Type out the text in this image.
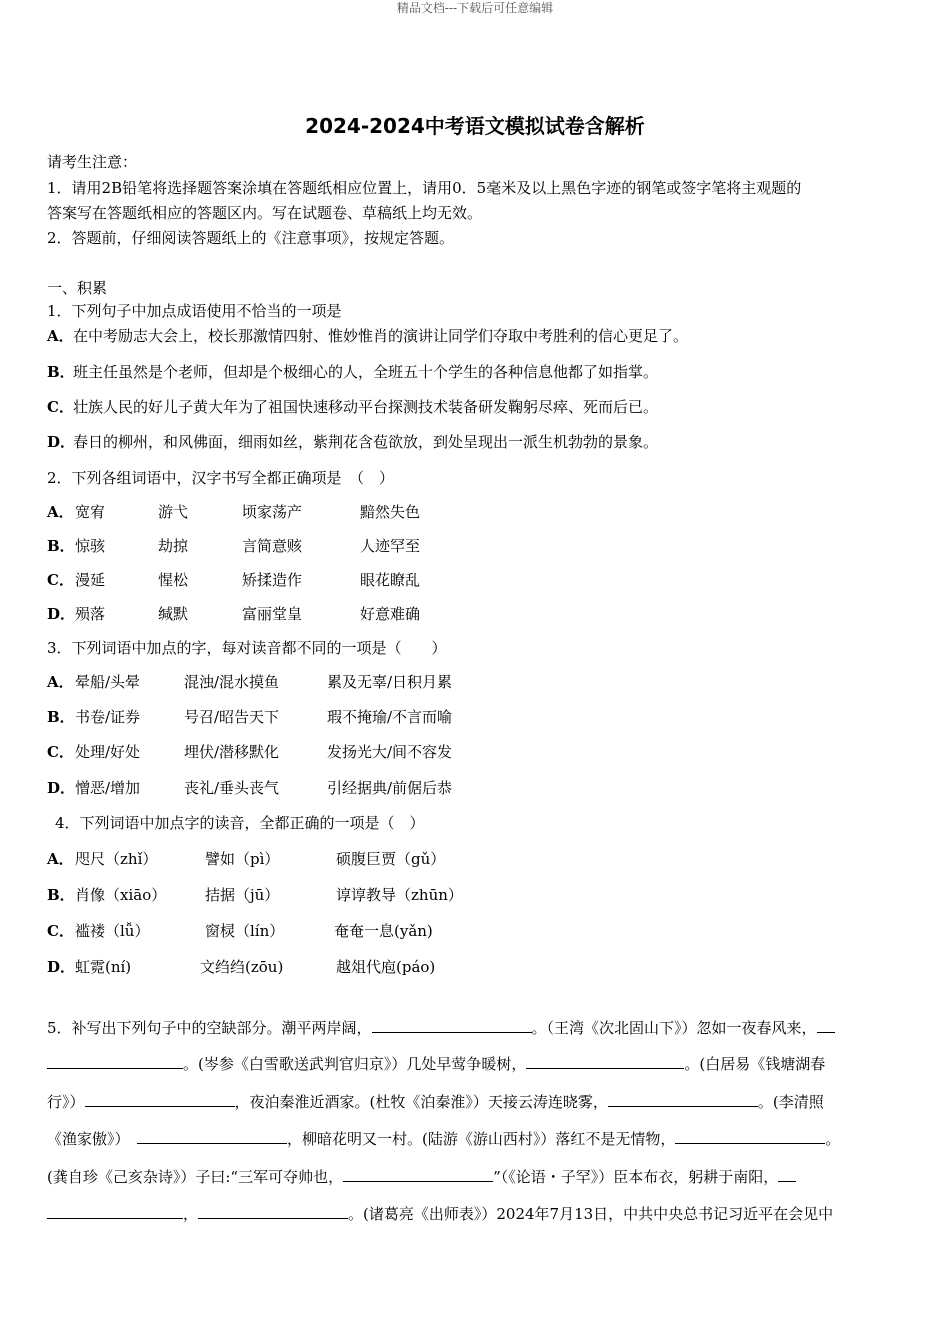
精品文档---下载后可任意编辑
2024-2024中考语文模拟试卷含解析
请考生注意：
1．请用2B铅笔将选择题答案涂填在答题纸相应位置上，请用0．5毫米及以上黑色字迹的钢笔或签字笔将主观题的
答案写在答题纸相应的答题区内。写在试题卷、草稿纸上均无效。
2．答题前，仔细阅读答题纸上的《注意事项》，按规定答题。
一、积累
1．下列句子中加点成语使用不恰当的一项是
A．在中考励志大会上，校长那激情四射、惟妙惟肖的演讲让同学们夺取中考胜利的信心更足了。
B．班主任虽然是个老师，但却是个极细心的人，全班五十个学生的各种信息他都了如指掌。
C．壮族人民的好儿子黄大年为了祖国快速移动平台探测技术装备研发鞠躬尽瘁、死而后已。
D．春日的柳州，和风佛面，细雨如丝，紫荆花含苞欲放，到处呈现出一派生机勃勃的景象。
2．下列各组词语中，汉字书写全都正确项是　（　）
A． 宽宥	游弋	顷家荡产	黯然失色
B． 惊骇	劫掠	言简意赅	人迹罕至
C． 漫延	惺松	矫揉造作	眼花瞭乱
D． 殒落	缄默	富丽堂皇	好意难确
3．下列词语中加点的字，每对读音都不同的一项是（　　）
A． 晕船/头晕	混浊/混水摸鱼	累及无辜/日积月累
B． 书卷/证券	号召/昭告天下	瑕不掩瑜/不言而喻
C． 处理/好处	埋伏/潜移默化	发扬光大/间不容发
D． 憎恶/增加	丧礼/垂头丧气	引经据典/前倨后恭
4．下列词语中加点字的读音，全都正确的一项是（　）
A． 咫尺（zhǐ）	譬如（pì）	硕腹巨贾（gǔ）
B． 肖像（xiāo）	拮据（jū）	谆谆教导（zhūn）
C． 褴褛（lǚ）	窗棂（lín）	奄奄一息(yǎn)
D． 虹霓(ní)	文绉绉(zōu)	越俎代庖(páo)
5．补写出下列句子中的空缺部分。潮平两岸阔，	。（王湾《次北固山下》）忽如一夜春风来，
。(岑参《白雪歌送武判官归京》）几处早莺争暖树，	。(白居易《钱塘湖春
行》）	，夜泊秦淮近酒家。(杜牧《泊秦淮》）天接云涛连晓雾，	。(李清照
《渔家傲》）　	，柳暗花明又一村。(陆游《游山西村》）落红不是无情物，	。
(龚自珍《己亥杂诗》）子曰:“三军可夺帅也，	”（《论语・子罕》）臣本布衣，躬耕于南阳，
，	。(诸葛亮《出师表》）2024年7月13日，中共中央总书记习近平在会见中
